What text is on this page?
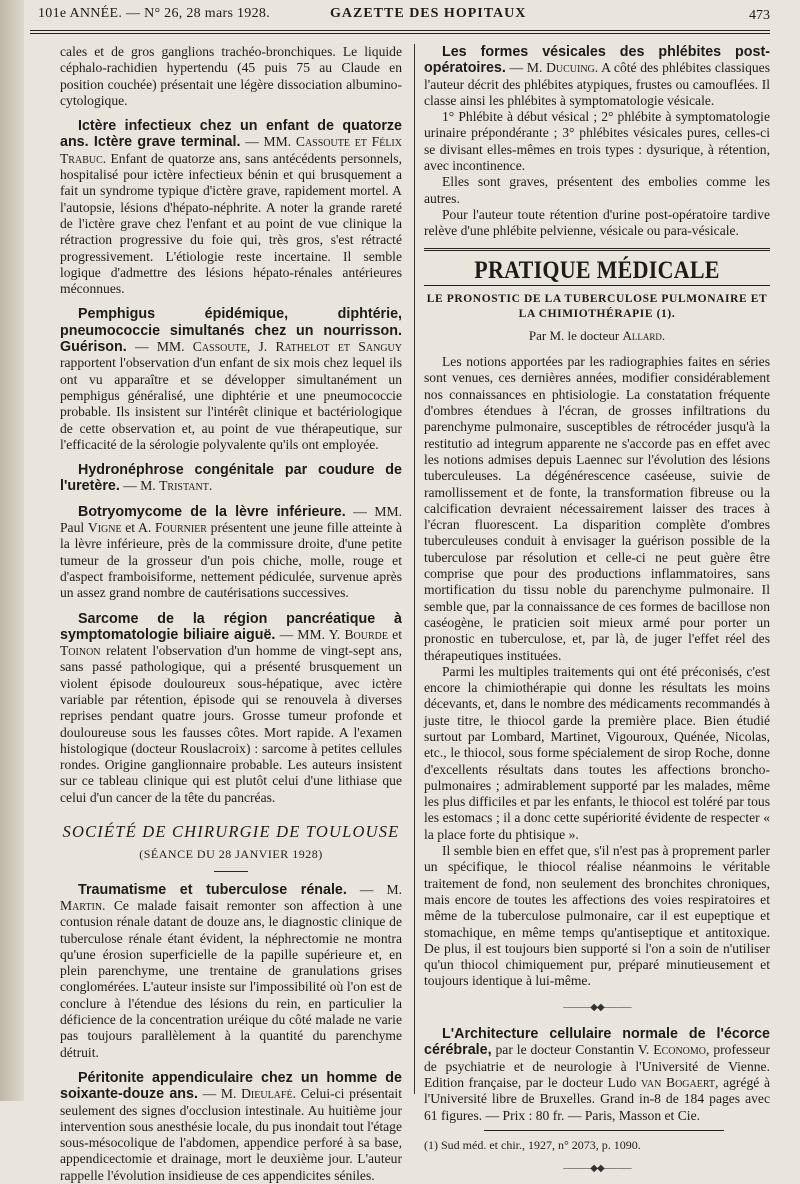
101e ANNÉE. — N° 26, 28 mars 1928.	GAZETTE DES HOPITAUX	473

cales et de gros ganglions trachéo-bronchiques. Le liquide céphalo-rachidien hypertendu (45 puis 75 au Claude en position couchée) présentait une légère dissociation albumino-cytologique.

Ictère infectieux chez un enfant de quatorze ans. Ictère grave terminal. — MM. Cassoute et Félix Trabuc. Enfant de quatorze ans, sans antécédents personnels, hospitalisé pour ictère infectieux bénin et qui brusquement a fait un syndrome typique d'ictère grave, rapidement mortel. A l'autopsie, lésions d'hépato-néphrite. A noter la grande rareté de l'ictère grave chez l'enfant et au point de vue clinique la rétraction progressive du foie qui, très gros, s'est rétracté progressivement. L'étiologie reste incertaine. Il semble logique d'admettre des lésions hépato-rénales antérieures méconnues.

Pemphigus épidémique, diphtérie, pneumococcie simultanés chez un nourrisson. Guérison. — MM. Cassoute, J. Rathelot et Sanguy rapportent l'observation d'un enfant de six mois chez lequel ils ont vu apparaître et se développer simultanément un pemphigus généralisé, une diphtérie et une pneumococcie probable. Ils insistent sur l'intérêt clinique et bactériologique de cette observation et, au point de vue thérapeutique, sur l'efficacité de la sérologie polyvalente qu'ils ont employée.

Hydronéphrose congénitale par coudure de l'uretère. — M. Tristant.

Botryomycome de la lèvre inférieure. — MM. Paul Vigne et A. Fournier présentent une jeune fille atteinte à la lèvre inférieure, près de la commissure droite, d'une petite tumeur de la grosseur d'un pois chiche, molle, rouge et d'aspect framboisiforme, nettement pédiculée, survenue après un assez grand nombre de cautérisations successives.

Sarcome de la région pancréatique à symptomatologie biliaire aiguë. — MM. Y. Bourde et Toinon relatent l'observation d'un homme de vingt-sept ans, sans passé pathologique, qui a présenté brusquement un violent épisode douloureux sous-hépatique, avec ictère variable par rétention, épisode qui se renouvela à diverses reprises pendant quatre jours. Grosse tumeur profonde et douloureuse sous les fausses côtes. Mort rapide. A l'examen histologique (docteur Rouslacroix) : sarcome à petites cellules rondes. Origine ganglionnaire probable. Les auteurs insistent sur ce tableau clinique qui est plutôt celui d'une lithiase que celui d'un cancer de la tête du pancréas.

SOCIÉTÉ DE CHIRURGIE DE TOULOUSE
(SÉANCE DU 28 JANVIER 1928)

Traumatisme et tuberculose rénale. — M. Martin. Ce malade faisait remonter son affection à une contusion rénale datant de douze ans, le diagnostic clinique de tuberculose rénale étant évident, la néphrectomie ne montra qu'une érosion superficielle de la papille supérieure et, en plein parenchyme, une trentaine de granulations grises conglomérées. L'auteur insiste sur l'impossibilité où l'on est de conclure à l'étendue des lésions du rein, en particulier la déficience de la concentration uréique du côté malade ne varie pas toujours parallèlement à la quantité du parenchyme détruit.

Péritonite appendiculaire chez un homme de soixante-douze ans. — M. Dieulafé. Celui-ci présentait seulement des signes d'occlusion intestinale. Au huitième jour intervention sous anesthésie locale, du pus inondait tout l'étage sous-mésocolique de l'abdomen, appendice perforé à sa base, appendicectomie et drainage, mort le deuxième jour. L'auteur rappelle l'évolution insidieuse de ces appendicites séniles.

Les formes vésicales des phlébites post-opératoires. — M. Ducuing. A côté des phlébites classiques l'auteur décrit des phlébites atypiques, frustes ou camouflées. Il classe ainsi les phlébites à symptomatologie vésicale.

1° Phlébite à début vésical ; 2° phlébite à symptomatologie urinaire prépondérante ; 3° phlébites vésicales pures, celles-ci se divisant elles-mêmes en trois types : dysurique, à rétention, avec incontinence.

Elles sont graves, présentent des embolies comme les autres.

Pour l'auteur toute rétention d'urine post-opératoire tardive relève d'une phlébite pelvienne, vésicale ou para-vésicale.

PRATIQUE MÉDICALE
LE PRONOSTIC DE LA TUBERCULOSE PULMONAIRE ET LA CHIMIOTHÉRAPIE (1).
Par M. le docteur Allard.

Les notions apportées par les radiographies faites en séries sont venues, ces dernières années, modifier considérablement nos connaissances en phtisiologie. La constatation fréquente d'ombres étendues à l'écran, de grosses infiltrations du parenchyme pulmonaire, susceptibles de rétrocéder jusqu'à la restitutio ad integrum apparente ne s'accorde pas en effet avec les notions admises depuis Laennec sur l'évolution des lésions tuberculeuses. La dégénérescence caséeuse, suivie de ramollissement et de fonte, la transformation fibreuse ou la calcification devraient nécessairement laisser des traces à l'écran fluorescent. La disparition complète d'ombres tuberculeuses conduit à envisager la guérison possible de la tuberculose par résolution et celle-ci ne peut guère être comprise que pour des productions inflammatoires, sans mortification du tissu noble du parenchyme pulmonaire. Il semble que, par la connaissance de ces formes de bacillose non caséogène, le praticien soit mieux armé pour porter un pronostic en tuberculose, et, par là, de juger l'effet réel des thérapeutiques instituées.

Parmi les multiples traitements qui ont été préconisés, c'est encore la chimiothérapie qui donne les résultats les moins décevants, et, dans le nombre des médicaments recommandés à juste titre, le thiocol garde la première place. Bien étudié surtout par Lombard, Martinet, Vigouroux, Quénée, Nicolas, etc., le thiocol, sous forme spécialement de sirop Roche, donne d'excellents résultats dans toutes les affections broncho-pulmonaires ; admirablement supporté par les malades, même les plus difficiles et par les enfants, le thiocol est toléré par tous les estomacs ; il a donc cette supériorité évidente de respecter « la place forte du phtisique ».

Il semble bien en effet que, s'il n'est pas à proprement parler un spécifique, le thiocol réalise néanmoins le véritable traitement de fond, non seulement des bronchites chroniques, mais encore de toutes les affections des voies respiratoires et même de la tuberculose pulmonaire, car il est eupeptique et stomachique, en même temps qu'antiseptique et antitoxique. De plus, il est toujours bien supporté si l'on a soin de n'utiliser qu'un thiocol chimiquement pur, préparé minutieusement et toujours identique à lui-même.

———◆◆———

L'Architecture cellulaire normale de l'écorce cérébrale, par le docteur Constantin V. Economo, professeur de psychiatrie et de neurologie à l'Université de Vienne. Edition française, par le docteur Ludo van Bogaert, agrégé à l'Université libre de Bruxelles. Grand in-8 de 184 pages avec 61 figures. — Prix : 80 fr. — Paris, Masson et Cie.

(1) Sud méd. et chir., 1927, n° 2073, p. 1090.
———◆◆———
